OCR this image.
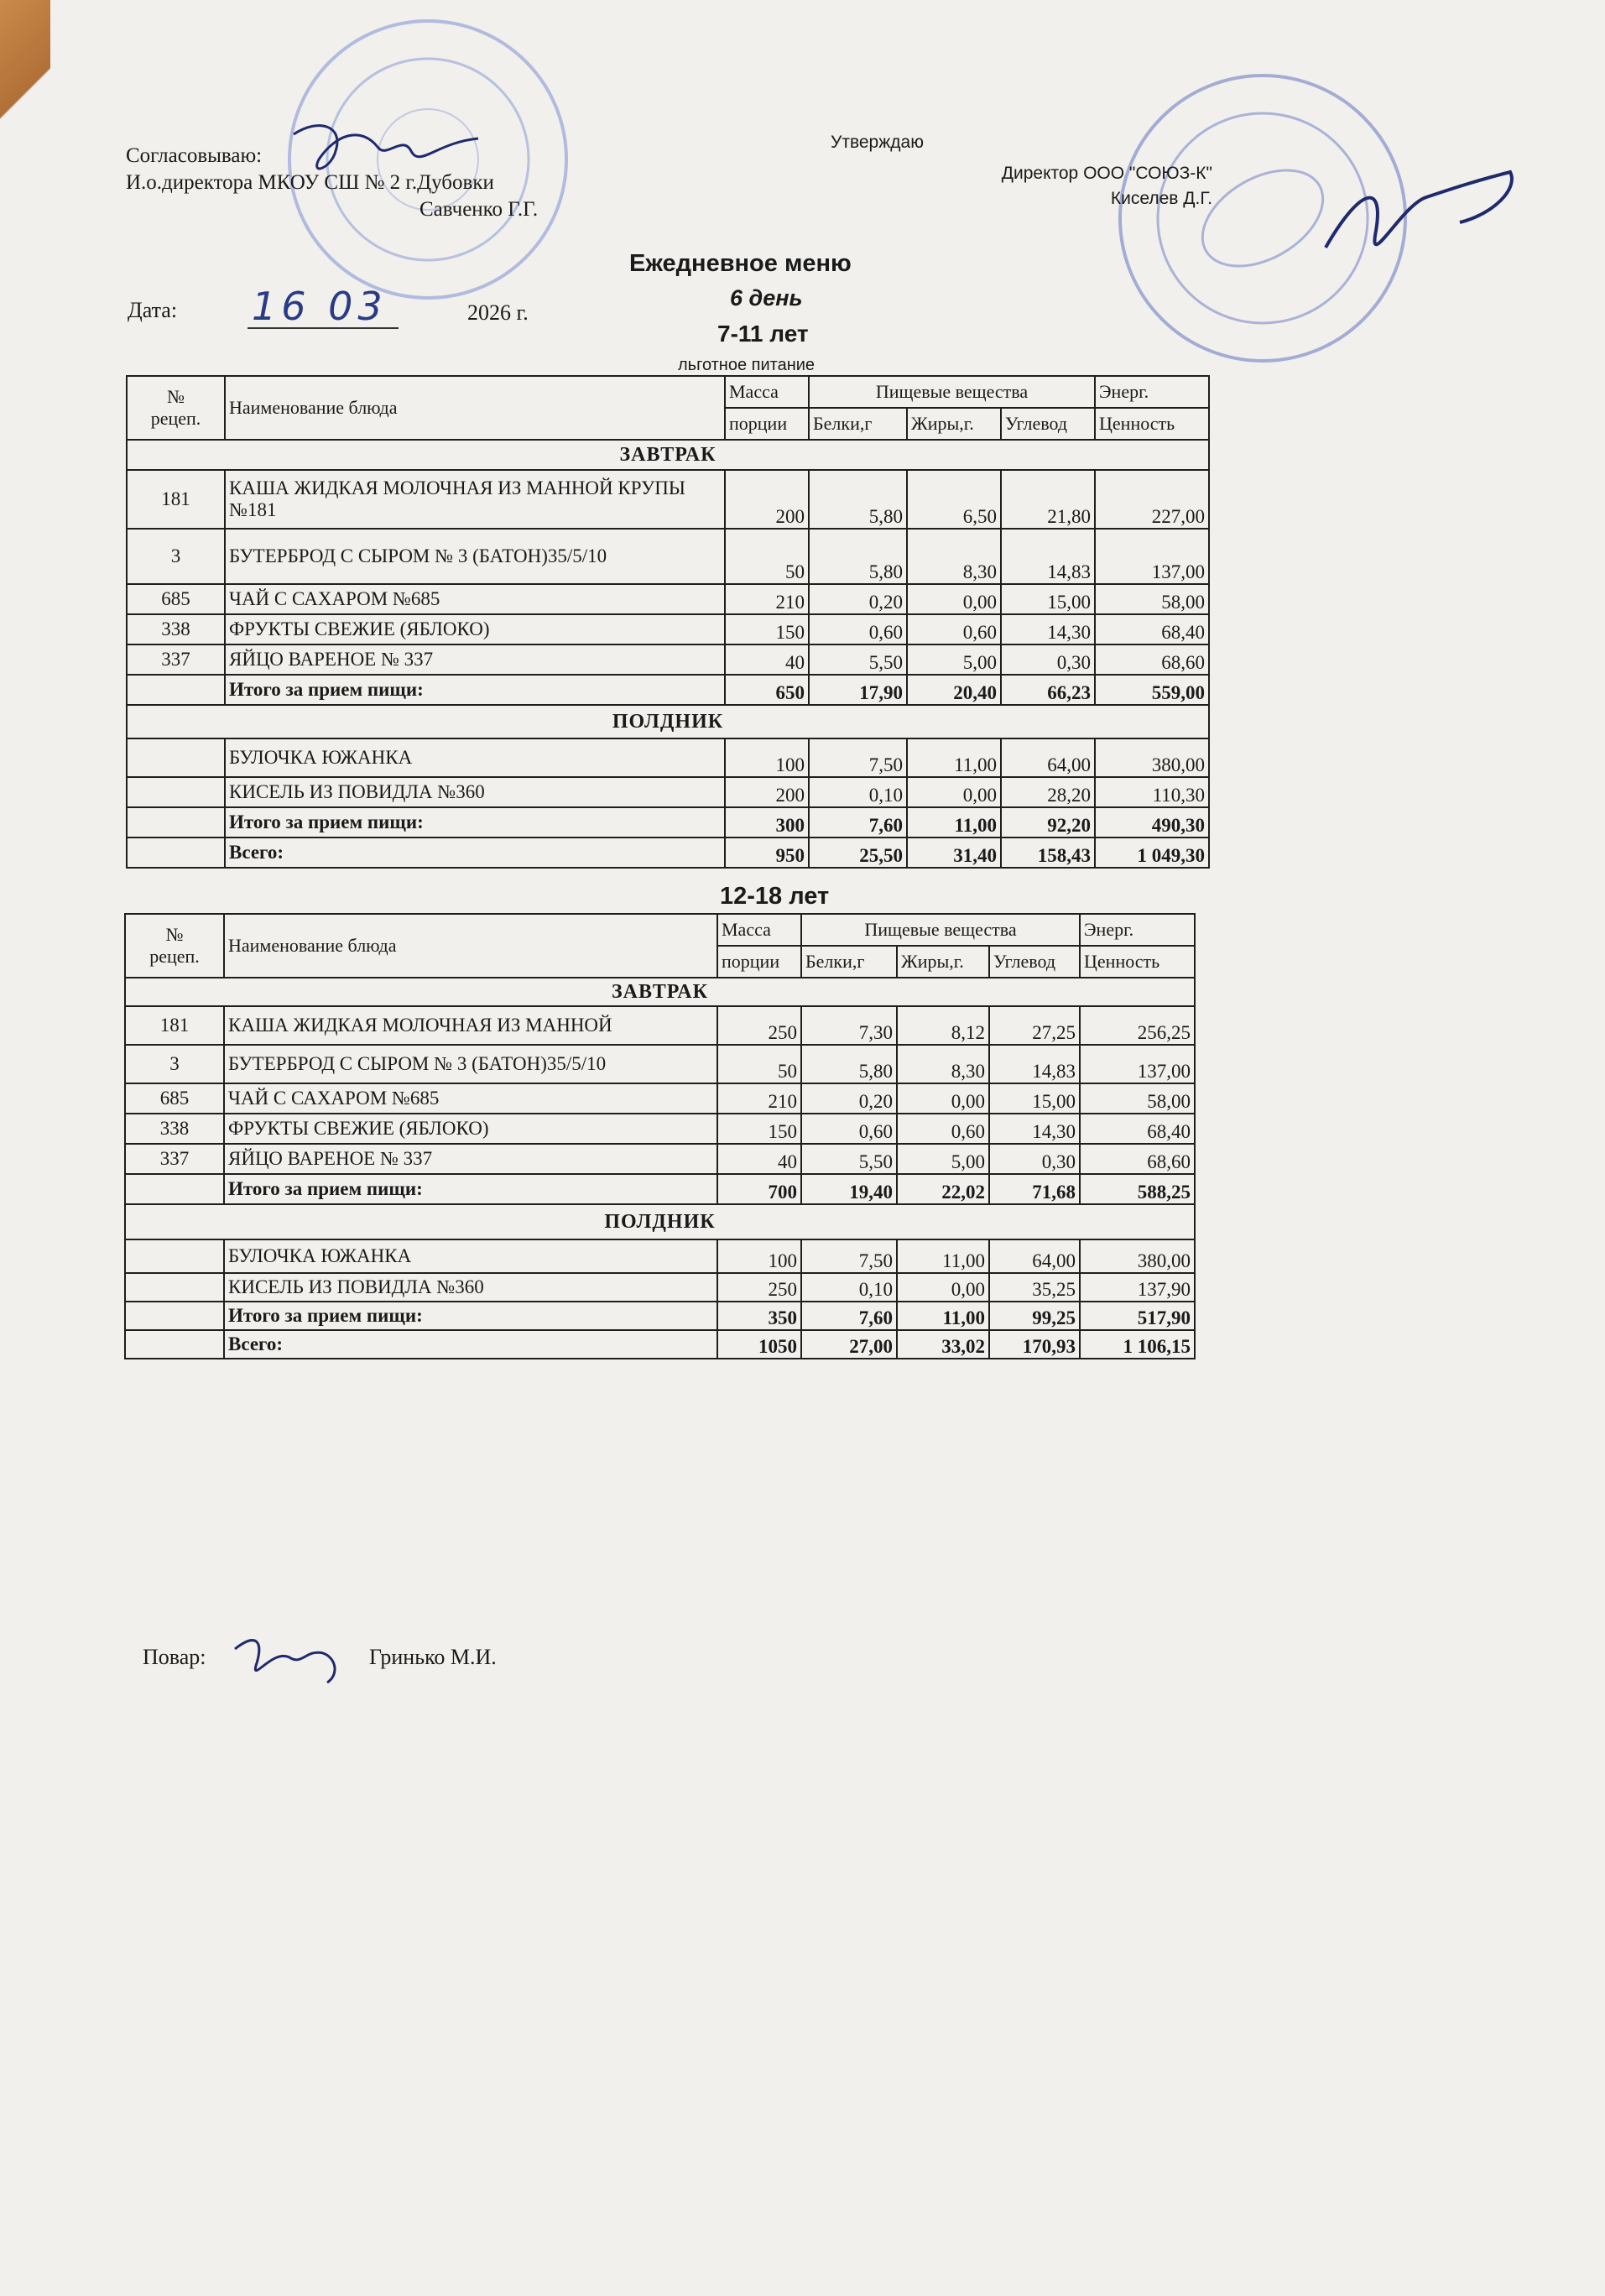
Согласовываю:
И.о.директора МКОУ СШ № 2 г.Дубовки

Савченко Г.Г.
Утверждаю
Директор ООО "СОЮЗ-К"
Киселев Д.Г.
Ежедневное меню
6 день
7-11 лет
льготное питание
Дата: 16 03	2026 г.
№
рецеп.	Наименование блюда	Масса	Пищевые вещества			Энерг.
		порции	Белки,г	Жиры,г.	Углевод	Ценность
ЗАВТРАК						
181	КАША ЖИДКАЯ МОЛОЧНАЯ ИЗ МАННОЙ КРУПЫ №181	200	5,80	6,50	21,80	227,00
3	БУТЕРБРОД С СЫРОМ № 3 (БАТОН)35/5/10	50	5,80	8,30	14,83	137,00
685	ЧАЙ С САХАРОМ №685	210	0,20	0,00	15,00	58,00
338	ФРУКТЫ СВЕЖИЕ (ЯБЛОКО)	150	0,60	0,60	14,30	68,40
337	ЯЙЦО ВАРЕНОЕ № 337	40	5,50	5,00	0,30	68,60
	Итого за прием пищи:	650	17,90	20,40	66,23	559,00
ПОЛДНИК						
	БУЛОЧКА ЮЖАНКА	100	7,50	11,00	64,00	380,00
	КИСЕЛЬ ИЗ ПОВИДЛА №360	200	0,10	0,00	28,20	110,30
	Итого за прием пищи:	300	7,60	11,00	92,20	490,30
	Всего:	950	25,50	31,40	158,43	1 049,30
12-18 лет
№
рецеп.	Наименование блюда	Масса	Пищевые вещества			Энерг.
		порции	Белки,г	Жиры,г.	Углевод	Ценность
ЗАВТРАК						
181	КАША ЖИДКАЯ МОЛОЧНАЯ ИЗ МАННОЙ	250	7,30	8,12	27,25	256,25
3	БУТЕРБРОД С СЫРОМ № 3 (БАТОН)35/5/10	50	5,80	8,30	14,83	137,00
685	ЧАЙ С САХАРОМ №685	210	0,20	0,00	15,00	58,00
338	ФРУКТЫ СВЕЖИЕ (ЯБЛОКО)	150	0,60	0,60	14,30	68,40
337	ЯЙЦО ВАРЕНОЕ № 337	40	5,50	5,00	0,30	68,60
	Итого за прием пищи:	700	19,40	22,02	71,68	588,25
ПОЛДНИК						
	БУЛОЧКА ЮЖАНКА	100	7,50	11,00	64,00	380,00
	КИСЕЛЬ ИЗ ПОВИДЛА №360	250	0,10	0,00	35,25	137,90
	Итого за прием пищи:	350	7,60	11,00	99,25	517,90
	Всего:	1050	27,00	33,02	170,93	1 106,15
Повар:	Гринько М.И.
